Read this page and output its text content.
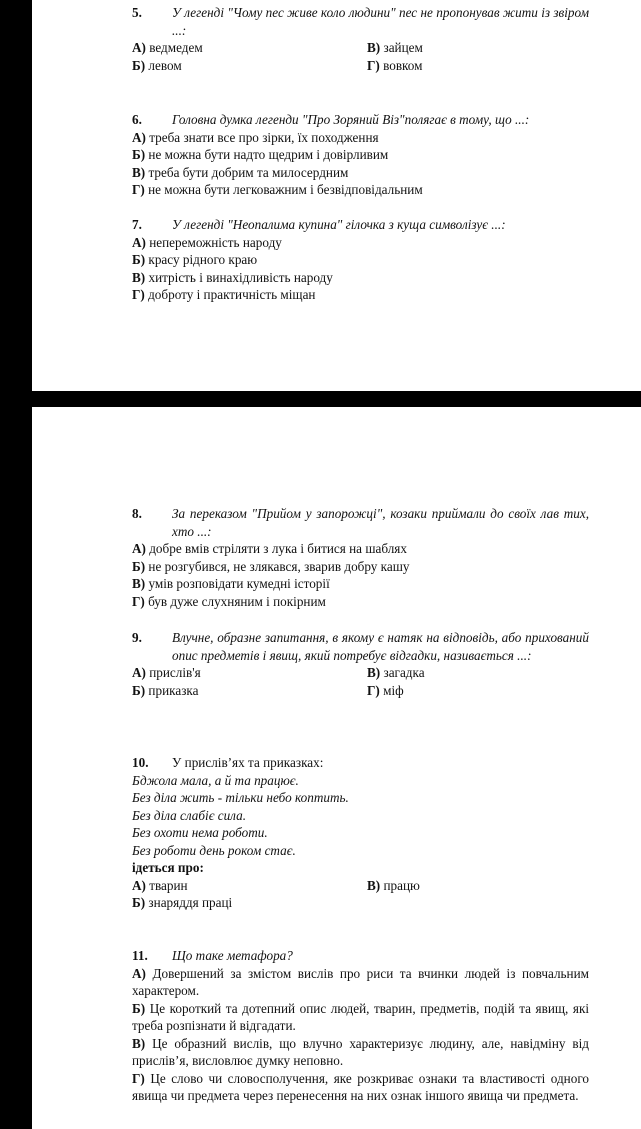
5.	У легенді "Чому пес живе коло людини" пес не пропонував жити із звіром ...:
А) ведмедем	В) зайцем
Б) левом	Г) вовком
6.	Головна думка легенди "Про Зоряний Віз"полягає в тому, що ...:
А) треба знати все про зірки, їх походження
Б) не можна бути надто щедрим і довірливим
В) треба бути добрим та милосердним
Г) не можна бути легковажним і безвідповідальним
7.	У легенді "Неопалима купина" гілочка з куща символізує ...:
А) непереможність народу
Б) красу рідного краю
В) хитрість і винахідливість народу
Г) доброту і практичність міщан
8.	За переказом "Прийом у запорожці", козаки приймали до своїх лав тих, хто ...:
А) добре вмів стріляти з лука і битися на шаблях
Б) не розгубився, не злякався, зварив добру кашу
В) умів розповідати кумедні історії
Г) був дуже слухняним і покірним
9.	Влучне, образне запитання, в якому є натяк на відповідь, або прихований опис предметів і явищ, який потребує відгадки, називається ...:
А) прислів'я	В) загадка
Б) приказка	Г) міф
10.	У прислів’ях та приказках:
Бджола мала, а й та працює.
Без діла жить - тільки небо коптить.
Без діла слабіє сила.
Без охоти нема роботи.
Без роботи день роком стає.
ідеться про:
А) тварин	В) працю
Б) знаряддя праці
11.	Що таке метафора?
А) Довершений за змістом вислів про риси та вчинки людей із повчальним характером.
Б) Це короткий та дотепний опис людей, тварин, предметів, подій та явищ, які треба розпізнати й відгадати.
В) Це образний вислів, що влучно характеризує людину, але, навідміну від прислів’я, висловлює думку неповно.
Г) Це слово чи словосполучення, яке розкриває ознаки та властивості одного явища чи предмета через перенесення на них ознак іншого явища чи предмета.
